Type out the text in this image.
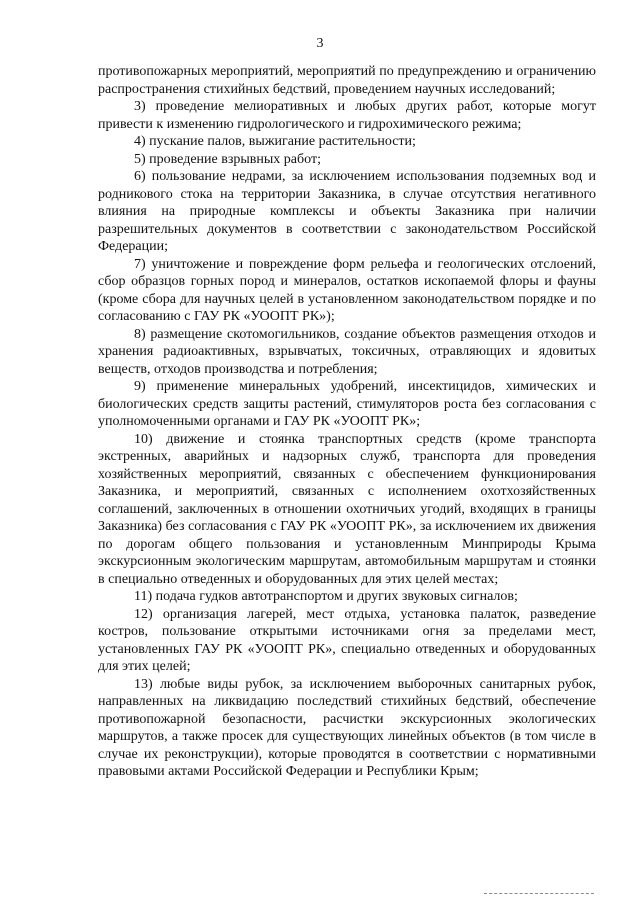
3

противопожарных мероприятий, мероприятий по предупреждению и ограничению распространения стихийных бедствий, проведением научных исследований;

3) проведение мелиоративных и любых других работ, которые могут привести к изменению гидрологического и гидрохимического режима;

4) пускание палов, выжигание растительности;

5) проведение взрывных работ;

6) пользование недрами, за исключением использования подземных вод и родникового стока на территории Заказника, в случае отсутствия негативного влияния на природные комплексы и объекты Заказника при наличии разрешительных документов в соответствии с законодательством Российской Федерации;

7) уничтожение и повреждение форм рельефа и геологических отслоений, сбор образцов горных пород и минералов, остатков ископаемой флоры и фауны (кроме сбора для научных целей в установленном законодательством порядке и по согласованию с ГАУ РК «УООПТ РК»);

8) размещение скотомогильников, создание объектов размещения отходов и хранения радиоактивных, взрывчатых, токсичных, отравляющих и ядовитых веществ, отходов производства и потребления;

9) применение минеральных удобрений, инсектицидов, химических и биологических средств защиты растений, стимуляторов роста без согласования с уполномоченными органами и ГАУ РК «УООПТ РК»;

10) движение и стоянка транспортных средств (кроме транспорта экстренных, аварийных и надзорных служб, транспорта для проведения хозяйственных мероприятий, связанных с обеспечением функционирования Заказника, и мероприятий, связанных с исполнением охотхозяйственных соглашений, заключенных в отношении охотничьих угодий, входящих в границы Заказника) без согласования с ГАУ РК «УООПТ РК», за исключением их движения по дорогам общего пользования и установленным Минприроды Крыма экскурсионным экологическим маршрутам, автомобильным маршрутам и стоянки в специально отведенных и оборудованных для этих целей местах;

11) подача гудков автотранспортом и других звуковых сигналов;

12) организация лагерей, мест отдыха, установка палаток, разведение костров, пользование открытыми источниками огня за пределами мест, установленных ГАУ РК «УООПТ РК», специально отведенных и оборудованных для этих целей;

13) любые виды рубок, за исключением выборочных санитарных рубок, направленных на ликвидацию последствий стихийных бедствий, обеспечение противопожарной безопасности, расчистки экскурсионных экологических маршрутов, а также просек для существующих линейных объектов (в том числе в случае их реконструкции), которые проводятся в соответствии с нормативными правовыми актами Российской Федерации и Республики Крым;
